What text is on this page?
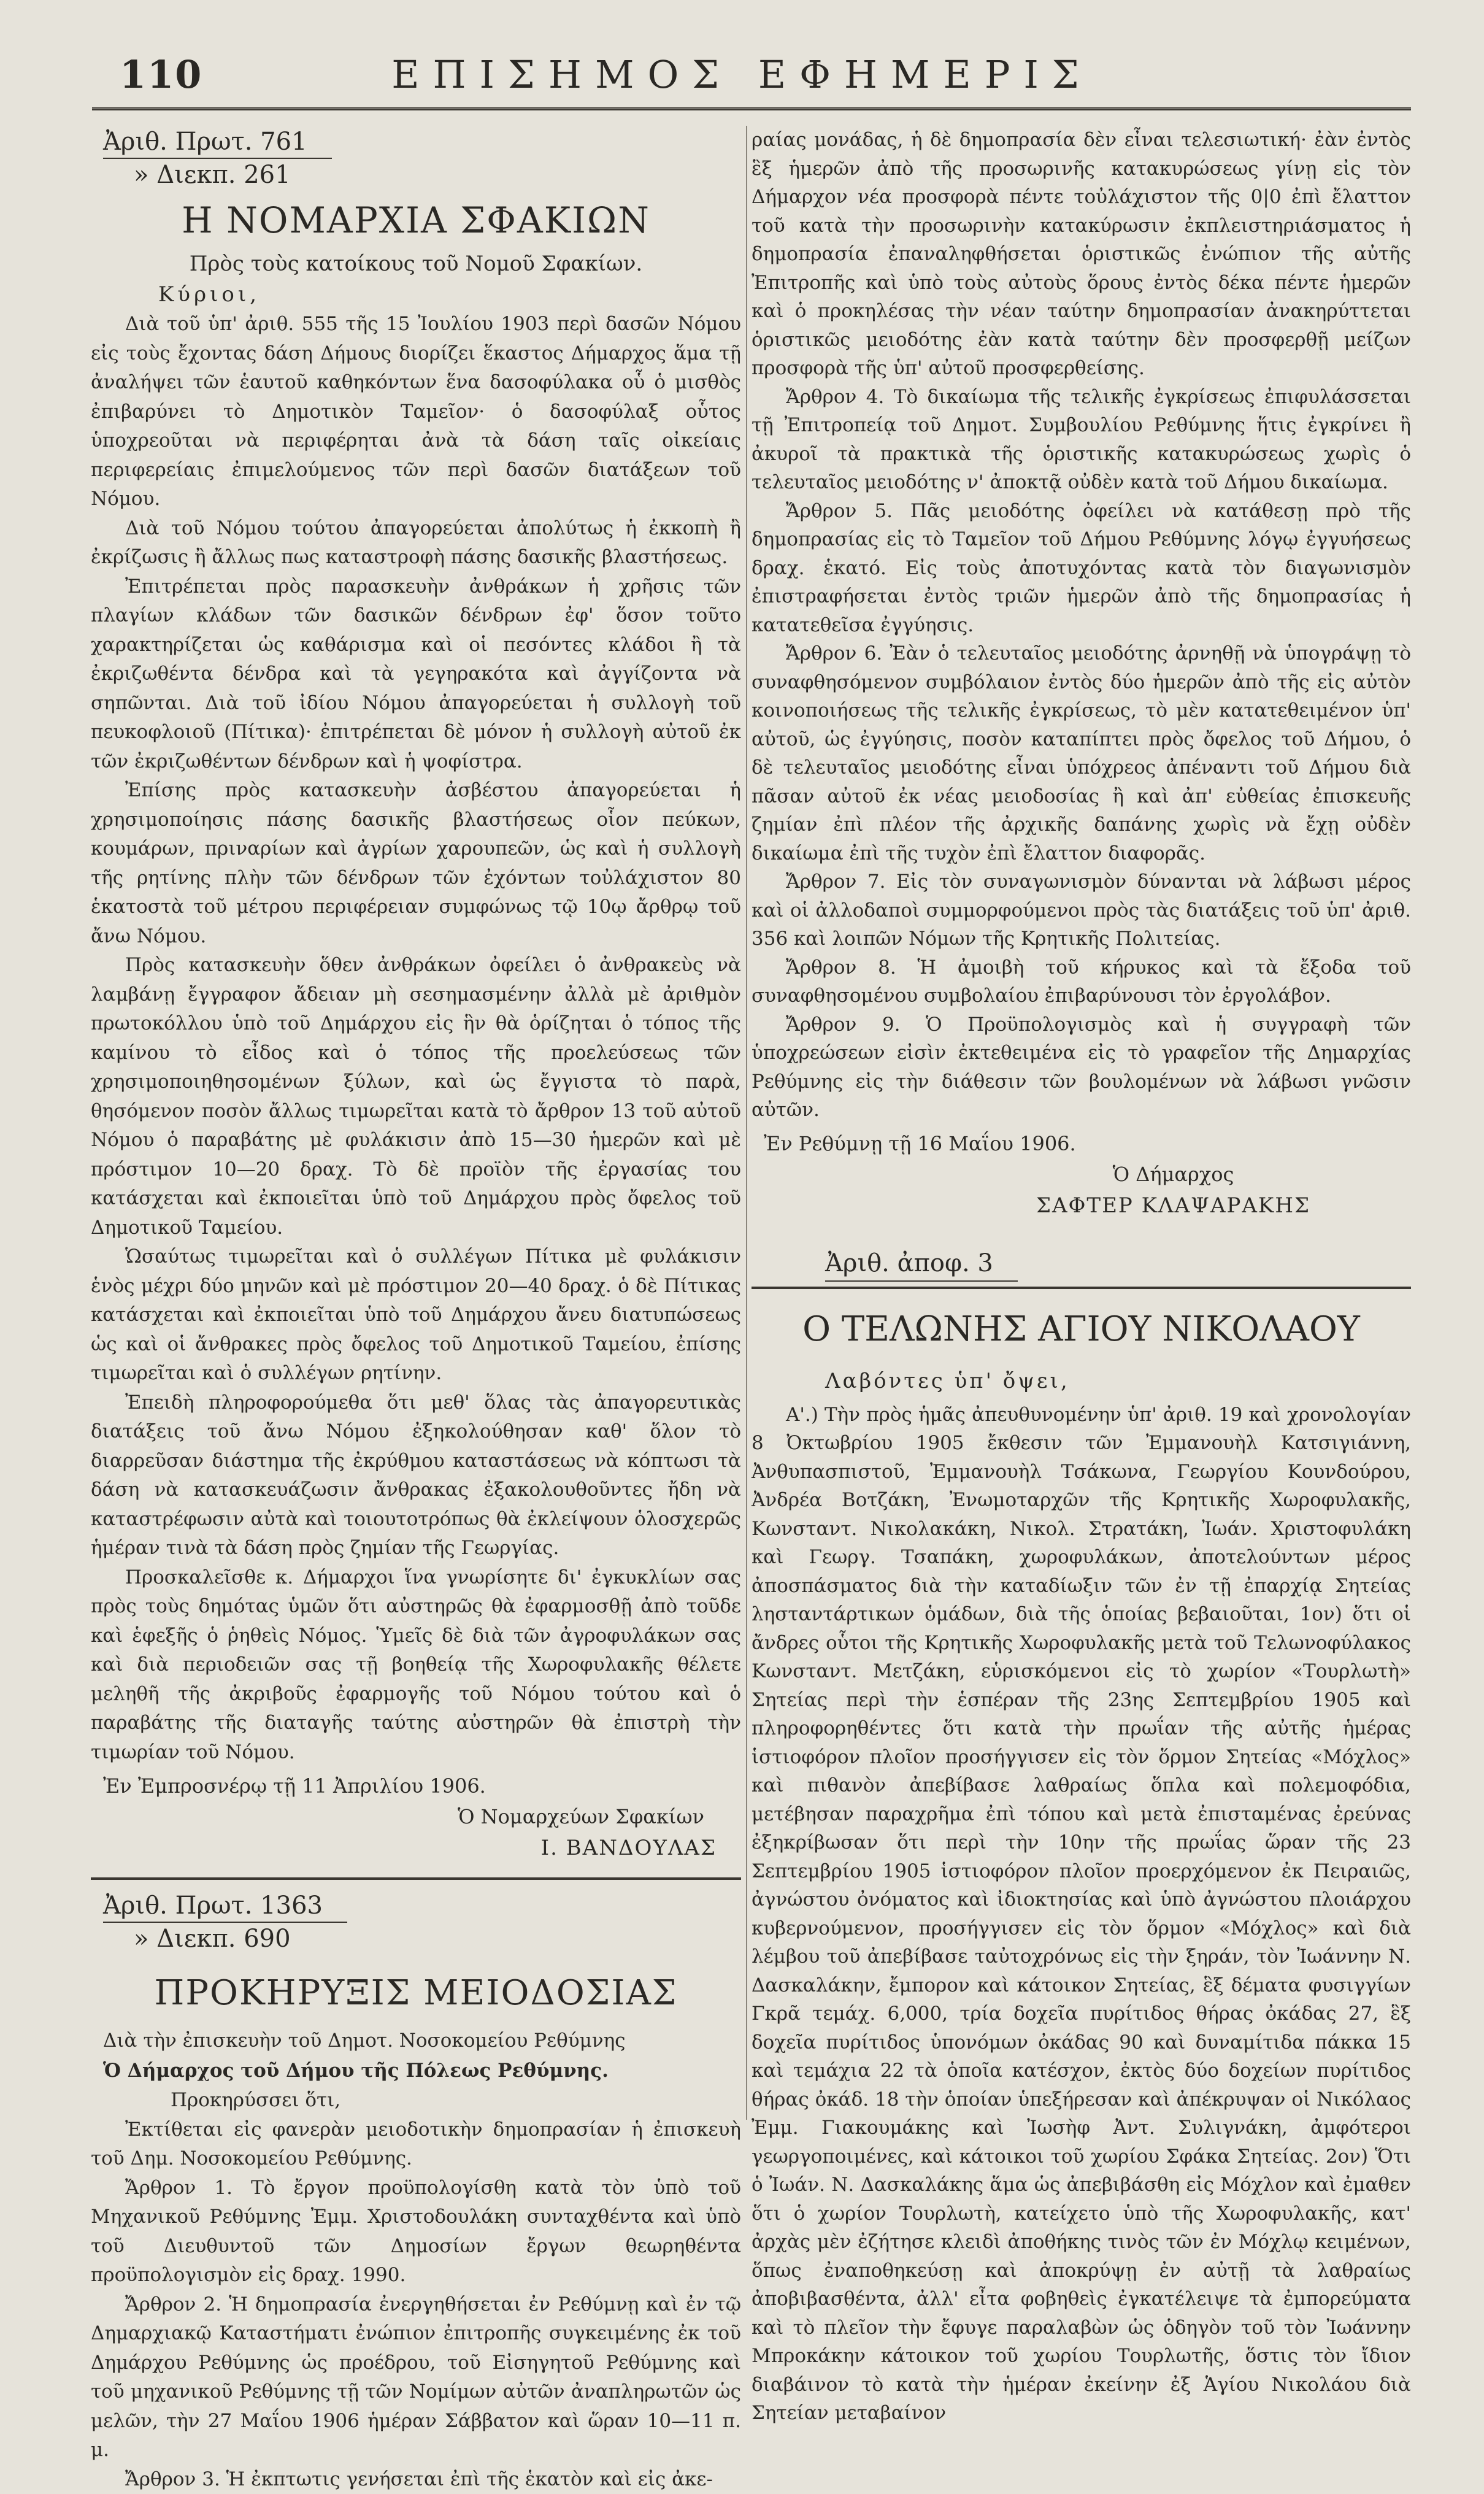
ΕΠΙΣΗΜΟΣ ΕΦΗΜΕΡΙΣ
110

Ἀριθ. Πρωτ. 761

» Διεκπ. 261

Η ΝΟΜΑΡΧΙΑ ΣΦΑΚΙΩΝ

Πρὸς τοὺς κατοίκους τοῦ Νομοῦ Σφακίων.

Κύριοι,

Διὰ τοῦ ὑπ' ἀριθ. 555 τῆς 15 Ἰουλίου 1903 περὶ δασῶν Νόμου εἰς τοὺς ἔχοντας δάση Δήμους διορίζει ἕκαστος Δήμαρχος ἅμα τῇ ἀναλήψει τῶν ἑαυτοῦ καθηκόντων ἕνα δασοφύλακα οὗ ὁ μισθὸς ἐπιβαρύνει τὸ Δημοτικὸν Ταμεῖον· ὁ δασοφύλαξ οὗτος ὑποχρεοῦται νὰ περιφέρηται ἀνὰ τὰ δάση ταῖς οἰκείαις περιφερείαις ἐπιμελούμενος τῶν περὶ δασῶν διατάξεων τοῦ Νόμου.

Διὰ τοῦ Νόμου τούτου ἀπαγορεύεται ἀπολύτως ἡ ἐκκοπὴ ἢ ἐκρίζωσις ἢ ἄλλως πως καταστροφὴ πάσης δασικῆς βλαστήσεως.

Ἐπιτρέπεται πρὸς παρασκευὴν ἀνθράκων ἡ χρῆσις τῶν πλαγίων κλάδων τῶν δασικῶν δένδρων ἐφ' ὅσον τοῦτο χαρακτηρίζεται ὡς καθάρισμα καὶ οἱ πεσόντες κλάδοι ἢ τὰ ἐκριζωθέντα δένδρα καὶ τὰ γεγηρακότα καὶ ἀγγίζοντα νὰ σηπῶνται. Διὰ τοῦ ἰδίου Νόμου ἀπαγορεύεται ἡ συλλογὴ τοῦ πευκοφλοιοῦ (Πίτικα)· ἐπιτρέπεται δὲ μόνον ἡ συλλογὴ αὐτοῦ ἐκ τῶν ἐκριζωθέντων δένδρων καὶ ἡ ψοφίστρα.

Ἐπίσης πρὸς κατασκευὴν ἀσβέστου ἀπαγορεύεται ἡ χρησιμοποίησις πάσης δασικῆς βλαστήσεως οἷον πεύκων, κουμάρων, πριναρίων καὶ ἀγρίων χαρουπεῶν, ὡς καὶ ἡ συλλογὴ τῆς ρητίνης πλὴν τῶν δένδρων τῶν ἐχόντων τοὐλάχιστον 80 ἑκατοστὰ τοῦ μέτρου περιφέρειαν συμφώνως τῷ 10ῳ ἄρθρῳ τοῦ ἄνω Νόμου.

Πρὸς κατασκευὴν ὅθεν ἀνθράκων ὀφείλει ὁ ἀνθρακεὺς νὰ λαμβάνῃ ἔγγραφον ἄδειαν μὴ σεσημασμένην ἀλλὰ μὲ ἀριθμὸν πρωτοκόλλου ὑπὸ τοῦ Δημάρχου εἰς ἣν θὰ ὁρίζηται ὁ τόπος τῆς καμίνου τὸ εἶδος καὶ ὁ τόπος τῆς προελεύσεως τῶν χρησιμοποιηθησομένων ξύλων, καὶ ὡς ἔγγιστα τὸ παρὰ, θησόμενον ποσὸν ἄλλως τιμωρεῖται κατὰ τὸ ἄρθρον 13 τοῦ αὐτοῦ Νόμου ὁ παραβάτης μὲ φυλάκισιν ἀπὸ 15—30 ἡμερῶν καὶ μὲ πρόστιμον 10—20 δραχ. Τὸ δὲ προϊὸν τῆς ἐργασίας του κατάσχεται καὶ ἐκποιεῖται ὑπὸ τοῦ Δημάρχου πρὸς ὄφελος τοῦ Δημοτικοῦ Ταμείου.

Ὡσαύτως τιμωρεῖται καὶ ὁ συλλέγων Πίτικα μὲ φυλάκισιν ἑνὸς μέχρι δύο μηνῶν καὶ μὲ πρόστιμον 20—40 δραχ. ὁ δὲ Πίτικας κατάσχεται καὶ ἐκποιεῖται ὑπὸ τοῦ Δημάρχου ἄνευ διατυπώσεως ὡς καὶ οἱ ἄνθρακες πρὸς ὄφελος τοῦ Δημοτικοῦ Ταμείου, ἐπίσης τιμωρεῖται καὶ ὁ συλλέγων ρητίνην.

Ἐπειδὴ πληροφορούμεθα ὅτι μεθ' ὅλας τὰς ἀπαγορευτικὰς διατάξεις τοῦ ἄνω Νόμου ἐξηκολούθησαν καθ' ὅλον τὸ διαρρεῦσαν διάστημα τῆς ἐκρύθμου καταστάσεως νὰ κόπτωσι τὰ δάση νὰ κατασκευάζωσιν ἄνθρακας ἐξακολουθοῦντες ἤδη νὰ καταστρέφωσιν αὐτὰ καὶ τοιουτοτρόπως θὰ ἐκλείψουν ὁλοσχερῶς ἡμέραν τινὰ τὰ δάση πρὸς ζημίαν τῆς Γεωργίας.

Προσκαλεῖσθε κ. Δήμαρχοι ἵνα γνωρίσητε δι' ἐγκυκλίων σας πρὸς τοὺς δημότας ὑμῶν ὅτι αὐστηρῶς θὰ ἐφαρμοσθῇ ἀπὸ τοῦδε καὶ ἑφεξῆς ὁ ῥηθεὶς Νόμος. Ὑμεῖς δὲ διὰ τῶν ἀγροφυλάκων σας καὶ διὰ περιοδειῶν σας τῇ βοηθείᾳ τῆς Χωροφυλακῆς θέλετε μεληθῆ τῆς ἀκριβοῦς ἐφαρμογῆς τοῦ Νόμου τούτου καὶ ὁ παραβάτης τῆς διαταγῆς ταύτης αὐστηρῶν θὰ ἐπιστρὴ τὴν τιμωρίαν τοῦ Νόμου.

Ἐν Ἐμπροσνέρῳ τῇ 11 Ἀπριλίου 1906.

Ὁ Νομαρχεύων Σφακίων

Ι. ΒΑΝΔΟΥΛΑΣ

Ἀριθ. Πρωτ. 1363

» Διεκπ. 690

ΠΡΟΚΗΡΥΞΙΣ ΜΕΙΟΔΟΣΙΑΣ

Διὰ τὴν ἐπισκευὴν τοῦ Δημοτ. Νοσοκομείου Ρεθύμνης

Ὁ Δήμαρχος τοῦ Δήμου τῆς Πόλεως Ρεθύμνης.

Προκηρύσσει ὅτι,

Ἐκτίθεται εἰς φανερὰν μειοδοτικὴν δημοπρασίαν ἡ ἐπισκευὴ τοῦ Δημ. Νοσοκομείου Ρεθύμνης.

Ἄρθρον 1. Τὸ ἔργον προϋπολογίσθη κατὰ τὸν ὑπὸ τοῦ Μηχανικοῦ Ρεθύμνης Ἐμμ. Χριστοδουλάκη συνταχθέντα καὶ ὑπὸ τοῦ Διευθυντοῦ τῶν Δημοσίων ἔργων θεωρηθέντα προϋπολογισμὸν εἰς δραχ. 1990.

Ἄρθρον 2. Ἡ δημοπρασία ἐνεργηθήσεται ἐν Ρεθύμνῃ καὶ ἐν τῷ Δημαρχιακῷ Καταστήματι ἐνώπιον ἐπιτροπῆς συγκειμένης ἐκ τοῦ Δημάρχου Ρεθύμνης ὡς προέδρου, τοῦ Εἰσηγητοῦ Ρεθύμνης καὶ τοῦ μηχανικοῦ Ρεθύμνης τῇ τῶν Νομίμων αὐτῶν ἀναπληρωτῶν ὡς μελῶν, τὴν 27 Μαΐου 1906 ἡμέραν Σάββατον καὶ ὥραν 10—11 π. μ.

Ἄρθρον 3. Ἡ ἐκπτωτις γενήσεται ἐπὶ τῆς ἑκατὸν καὶ εἰς ἀκε-

ραίας μονάδας, ἡ δὲ δημοπρασία δὲν εἶναι τελεσιωτική· ἐὰν ἐντὸς ἓξ ἡμερῶν ἀπὸ τῆς προσωρινῆς κατακυρώσεως γίνῃ εἰς τὸν Δήμαρχον νέα προσφορὰ πέντε τοὐλάχιστον τῆς 0|0 ἐπὶ ἔλαττον τοῦ κατὰ τὴν προσωρινὴν κατακύρωσιν ἐκπλειστηριάσματος ἡ δημοπρασία ἐπαναληφθήσεται ὁριστικῶς ἐνώπιον τῆς αὐτῆς Ἐπιτροπῆς καὶ ὑπὸ τοὺς αὐτοὺς ὅρους ἐντὸς δέκα πέντε ἡμερῶν καὶ ὁ προκηλέσας τὴν νέαν ταύτην δημοπρασίαν ἀνακηρύττεται ὁριστικῶς μειοδότης ἐὰν κατὰ ταύτην δὲν προσφερθῇ μείζων προσφορὰ τῆς ὑπ' αὐτοῦ προσφερθείσης.

Ἄρθρον 4. Τὸ δικαίωμα τῆς τελικῆς ἐγκρίσεως ἐπιφυλάσσεται τῇ Ἐπιτροπείᾳ τοῦ Δημοτ. Συμβουλίου Ρεθύμνης ἥτις ἐγκρίνει ἢ ἀκυροῖ τὰ πρακτικὰ τῆς ὁριστικῆς κατακυρώσεως χωρὶς ὁ τελευταῖος μειοδότης ν' ἀποκτᾷ οὐδὲν κατὰ τοῦ Δήμου δικαίωμα.

Ἄρθρον 5. Πᾶς μειοδότης ὀφείλει νὰ κατάθεσῃ πρὸ τῆς δημοπρασίας εἰς τὸ Ταμεῖον τοῦ Δήμου Ρεθύμνης λόγῳ ἐγγυήσεως δραχ. ἑκατό. Εἰς τοὺς ἀποτυχόντας κατὰ τὸν διαγωνισμὸν ἐπιστραφήσεται ἐντὸς τριῶν ἡμερῶν ἀπὸ τῆς δημοπρασίας ἡ κατατεθεῖσα ἐγγύησις.

Ἄρθρον 6. Ἐὰν ὁ τελευταῖος μειοδότης ἀρνηθῇ νὰ ὑπογράψῃ τὸ συναφθησόμενον συμβόλαιον ἐντὸς δύο ἡμερῶν ἀπὸ τῆς εἰς αὐτὸν κοινοποιήσεως τῆς τελικῆς ἐγκρίσεως, τὸ μὲν κατατεθειμένον ὑπ' αὐτοῦ, ὡς ἐγγύησις, ποσὸν καταπίπτει πρὸς ὄφελος τοῦ Δήμου, ὁ δὲ τελευταῖος μειοδότης εἶναι ὑπόχρεος ἀπέναντι τοῦ Δήμου διὰ πᾶσαν αὐτοῦ ἐκ νέας μειοδοσίας ἢ καὶ ἀπ' εὐθείας ἐπισκευῆς ζημίαν ἐπὶ πλέον τῆς ἀρχικῆς δαπάνης χωρὶς νὰ ἔχῃ οὐδὲν δικαίωμα ἐπὶ τῆς τυχὸν ἐπὶ ἔλαττον διαφορᾶς.

Ἄρθρον 7. Εἰς τὸν συναγωνισμὸν δύνανται νὰ λάβωσι μέρος καὶ οἱ ἀλλοδαποὶ συμμορφούμενοι πρὸς τὰς διατάξεις τοῦ ὑπ' ἀριθ. 356 καὶ λοιπῶν Νόμων τῆς Κρητικῆς Πολιτείας.

Ἄρθρον 8. Ἡ ἀμοιβὴ τοῦ κήρυκος καὶ τὰ ἔξοδα τοῦ συναφθησομένου συμβολαίου ἐπιβαρύνουσι τὸν ἐργολάβον.

Ἄρθρον 9. Ὁ Προϋπολογισμὸς καὶ ἡ συγγραφὴ τῶν ὑποχρεώσεων εἰσὶν ἐκτεθειμένα εἰς τὸ γραφεῖον τῆς Δημαρχίας Ρεθύμνης εἰς τὴν διάθεσιν τῶν βουλομένων νὰ λάβωσι γνῶσιν αὐτῶν.

Ἐν Ρεθύμνῃ τῇ 16 Μαΐου 1906.

Ὁ Δήμαρχος

ΣΑΦΤΕΡ ΚΛΑΨΑΡΑΚΗΣ

Ἀριθ. ἀποφ. 3

Ο ΤΕΛΩΝΗΣ ΑΓΙΟΥ ΝΙΚΟΛΑΟΥ

Λαβόντες ὑπ' ὄψει,

Α'.) Τὴν πρὸς ἡμᾶς ἀπευθυνομένην ὑπ' ἀριθ. 19 καὶ χρονολογίαν 8 Ὀκτωβρίου 1905 ἔκθεσιν τῶν Ἐμμανουὴλ Κατσιγιάννη, Ἀνθυπασπιστοῦ, Ἐμμανουὴλ Τσάκωνα, Γεωργίου Κουνδούρου, Ἀνδρέα Βοτζάκη, Ἐνωμοταρχῶν τῆς Κρητικῆς Χωροφυλακῆς, Κωνσταντ. Νικολακάκη, Νικολ. Στρατάκη, Ἰωάν. Χριστοφυλάκη καὶ Γεωργ. Τσαπάκη, χωροφυλάκων, ἀποτελούντων μέρος ἀποσπάσματος διὰ τὴν καταδίωξιν τῶν ἐν τῇ ἐπαρχίᾳ Σητείας λησταντάρτικων ὁμάδων, διὰ τῆς ὁποίας βεβαιοῦται, 1ον) ὅτι οἱ ἄνδρες οὗτοι τῆς Κρητικῆς Χωροφυλακῆς μετὰ τοῦ Τελωνοφύλακος Κωνσταντ. Μετζάκη, εὑρισκόμενοι εἰς τὸ χωρίον «Τουρλωτὴ» Σητείας περὶ τὴν ἑσπέραν τῆς 23ης Σεπτεμβρίου 1905 καὶ πληροφορηθέντες ὅτι κατὰ τὴν πρωΐαν τῆς αὐτῆς ἡμέρας ἱστιοφόρον πλοῖον προσήγγισεν εἰς τὸν ὅρμον Σητείας «Μόχλος» καὶ πιθανὸν ἀπεβίβασε λαθραίως ὅπλα καὶ πολεμοφόδια, μετέβησαν παραχρῆμα ἐπὶ τόπου καὶ μετὰ ἐπισταμένας ἐρεύνας ἐξηκρίβωσαν ὅτι περὶ τὴν 10ην τῆς πρωΐας ὥραν τῆς 23 Σεπτεμβρίου 1905 ἱστιοφόρον πλοῖον προερχόμενον ἐκ Πειραιῶς, ἀγνώστου ὀνόματος καὶ ἰδιοκτησίας καὶ ὑπὸ ἀγνώστου πλοιάρχου κυβερνούμενον, προσήγγισεν εἰς τὸν ὅρμον «Μόχλος» καὶ διὰ λέμβου τοῦ ἀπεβίβασε ταὐτοχρόνως εἰς τὴν ξηράν, τὸν Ἰωάννην Ν. Δασκαλάκην, ἔμπορον καὶ κάτοικον Σητείας, ἓξ δέματα φυσιγγίων Γκρᾶ τεμάχ. 6,000, τρία δοχεῖα πυρίτιδος θήρας ὀκάδας 27, ἓξ δοχεῖα πυρίτιδος ὑπονόμων ὀκάδας 90 καὶ δυναμίτιδα πάκκα 15 καὶ τεμάχια 22 τὰ ὁποῖα κατέσχον, ἐκτὸς δύο δοχείων πυρίτιδος θήρας ὀκάδ. 18 τὴν ὁποίαν ὑπεξήρεσαν καὶ ἀπέκρυψαν οἱ Νικόλαος Ἐμμ. Γιακουμάκης καὶ Ἰωσὴφ Ἀντ. Συλιγνάκη, ἀμφότεροι γεωργοποιμένες, καὶ κάτοικοι τοῦ χωρίου Σφάκα Σητείας. 2ον) Ὅτι ὁ Ἰωάν. Ν. Δασκαλάκης ἅμα ὡς ἀπεβιβάσθη εἰς Μόχλον καὶ ἐμαθεν ὅτι ὁ χωρίον Τουρλωτὴ, κατείχετο ὑπὸ τῆς Χωροφυλακῆς, κατ' ἀρχὰς μὲν ἐζήτησε κλειδὶ ἀποθήκης τινὸς τῶν ἐν Μόχλῳ κειμένων, ὅπως ἐναποθηκεύσῃ καὶ ἀποκρύψῃ ἐν αὐτῇ τὰ λαθραίως ἀποβιβασθέντα, ἀλλ' εἶτα φοβηθεὶς ἐγκατέλειψε τὰ ἐμπορεύματα καὶ τὸ πλεῖον τὴν ἔφυγε παραλαβὼν ὡς ὁδηγὸν τοῦ τὸν Ἰωάννην Μπροκάκην κάτοικον τοῦ χωρίου Τουρλωτῆς, ὅστις τὸν ἴδιον διαβάινον τὸ κατὰ τὴν ἡμέραν ἐκείνην ἐξ Ἁγίου Νικολάου διὰ Σητείαν μεταβαίνον
